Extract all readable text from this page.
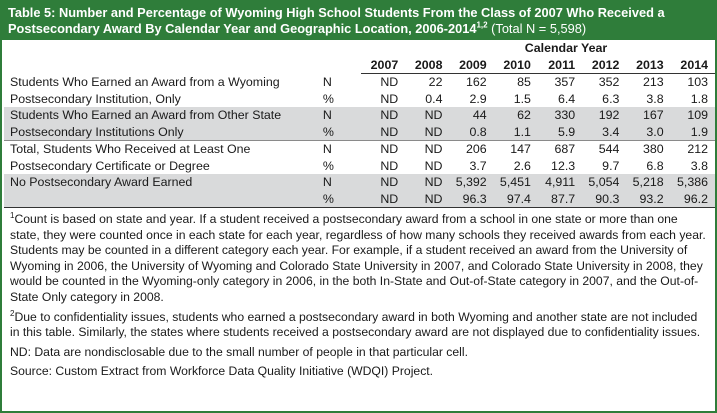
Table 5: Number and Percentage of Wyoming High School Students From the Class of 2007 Who Received a Postsecondary Award By Calendar Year and Geographic Location, 2006-2014$^{1,2}$ (Total N = 5,598)
		Calendar Year							
		2007	2008	2009	2010	2011	2012	2013	2014
Students Who Earned an Award from a Wyoming	N	ND	22	162	85	357	352	213	103
Postsecondary Institution, Only	%	ND	0.4	2.9	1.5	6.4	6.3	3.8	1.8
Students Who Earned an Award from Other State	N	ND	ND	44	62	330	192	167	109
Postsecondary Institutions Only	%	ND	ND	0.8	1.1	5.9	3.4	3.0	1.9
Total, Students Who Received at Least One	N	ND	ND	206	147	687	544	380	212
Postsecondary Certificate or Degree	%	ND	ND	3.7	2.6	12.3	9.7	6.8	3.8
No Postsecondary Award Earned	N	ND	ND	5,392	5,451	4,911	5,054	5,218	5,386
	%	ND	ND	96.3	97.4	87.7	90.3	93.2	96.2

$^1$Count is based on state and year. If a student received a postsecondary award from a school in one state or more than one state, they were counted once in each state for each year, regardless of how many schools they received awards from each year. Students may be counted in a different category each year. For example, if a student received an award from the University of Wyoming in 2006, the University of Wyoming and Colorado State University in 2007, and Colorado State University in 2008, they would be counted in the Wyoming-only category in 2006, in the both In-State and Out-of-State category in 2007, and the Out-of-State Only category in 2008.

$^2$Due to confidentiality issues, students who earned a postsecondary award in both Wyoming and another state are not included in this table. Similarly, the states where students received a postsecondary award are not displayed due to confidentiality issues.

ND: Data are nondisclosable due to the small number of people in that particular cell.

Source: Custom Extract from Workforce Data Quality Initiative (WDQI) Project.
